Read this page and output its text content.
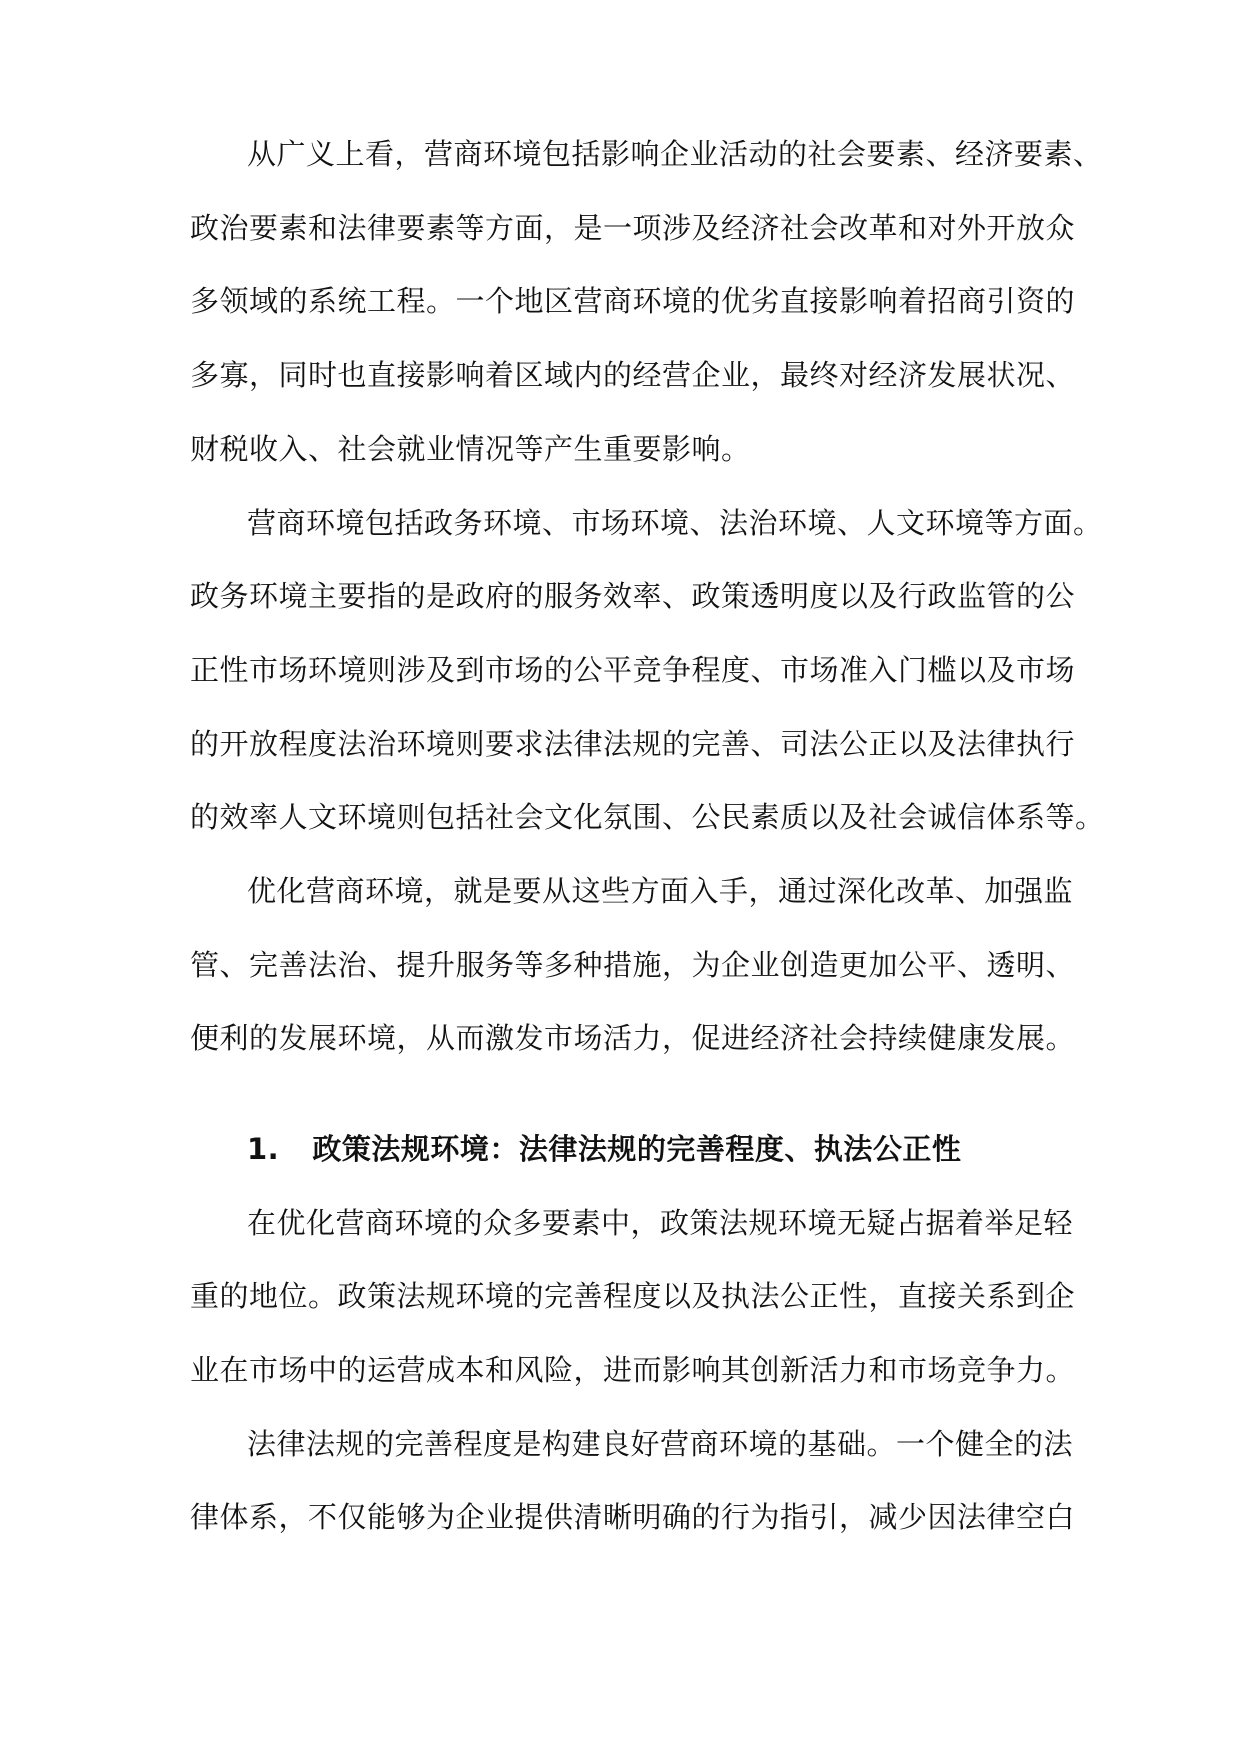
从广义上看，营商环境包括影响企业活动的社会要素、经济要素、
政治要素和法律要素等方面，是一项涉及经济社会改革和对外开放众
多领域的系统工程。一个地区营商环境的优劣直接影响着招商引资的
多寡，同时也直接影响着区域内的经营企业，最终对经济发展状况、
财税收入、社会就业情况等产生重要影响。
营商环境包括政务环境、市场环境、法治环境、人文环境等方面。
政务环境主要指的是政府的服务效率、政策透明度以及行政监管的公
正性市场环境则涉及到市场的公平竞争程度、市场准入门槛以及市场
的开放程度法治环境则要求法律法规的完善、司法公正以及法律执行
的效率人文环境则包括社会文化氛围、公民素质以及社会诚信体系等。
优化营商环境，就是要从这些方面入手，通过深化改革、加强监
管、完善法治、提升服务等多种措施，为企业创造更加公平、透明、
便利的发展环境，从而激发市场活力，促进经济社会持续健康发展。
1. 政策法规环境：法律法规的完善程度、执法公正性
在优化营商环境的众多要素中，政策法规环境无疑占据着举足轻
重的地位。政策法规环境的完善程度以及执法公正性，直接关系到企
业在市场中的运营成本和风险，进而影响其创新活力和市场竞争力。
法律法规的完善程度是构建良好营商环境的基础。一个健全的法
律体系，不仅能够为企业提供清晰明确的行为指引，减少因法律空白
